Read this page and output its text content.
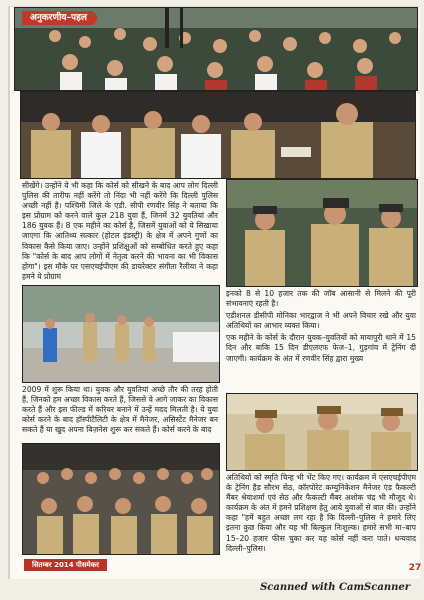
अनुकरणीय–पहल

सीखेंगे। उन्होंने ये भी कहा कि कोर्स को सीखने के बाद आप लोग दिल्ली पुलिस की तारीफ नहीं करेंगे तो निंदा भी नहीं करेंगे कि दिल्ली पुलिस अच्छी नहीं है। पश्चिमी जिले के एडी. सीपी रणवीर सिंह ने बताया कि इस प्रोग्राम को करने वाले कुल 218 युवा हैं, जिनमें 32 युवतियां और 186 युवक हैं। 8 एक महीने का कोर्स है, जिसमें युवाओं को ये सिखाया जाएगा कि आतिथ्य सत्कार (होटल इंडस्ट्री) के क्षेत्र में अपने गुणों का विकास कैसे किया जाए। उन्होंने प्रशिक्षुओं को सम्बोधित करते हुए कहा कि "कोर्स के बाद आप लोगों में नेतृत्व करने की भावना का भी विकास होगा"। इस मौके पर एसएचईपीएम की डायरेक्टर संगीता रैलीया ने कहा हमने ये प्रोग्राम

इनको 8 से 10 हजार तक की जॉब आसानी से मिलने की पूरी संभावनाएं रहती है।

एडीशनल डीसीपी मोनिका भारद्वाज ने भी अपने विचार रखे और युवा अतिथियों का आभार व्यक्त किया।

एक महीने के कोर्स के दौरान युवक–युवतियों को मायापुरी थाने में 15 दिन और बाकि 15 दिन डीएलएफ फेज–1, गुड़गांव में ट्रेनिंग दी जाएगी। कार्यक्रम के अंत में रणवीर सिंह द्वारा मुख्य

2009 में शुरू किया था। युवक और युवतियां अच्छे तौर की तरह होती हैं, जिनको हम अच्छा विकास करते हैं, जिससे वे आगे जाकर का विकास करते हैं और इस फील्ड में करियर बनाने में उन्हें मदद मिलती है। ये युवा कोर्स करने के बाद हॉस्पीटैलिटी के क्षेत्र में मैनेजर, असिस्टेंट मैनेजर बन सकते हैं या खुद अपना बिज़नेस शुरू कर सकते हैं। कोर्स करने के बाद

अतिथियों को स्मृति चिन्ह भी भेंट किए गए। कार्यक्रम में एसएचईपीएम के ट्रेनिंग हैड सौरभ सेठ, कॉरपोरेट कम्युनिकेशन मैनेजर एंड फैकल्टी मैंबर श्रेयाशर्मा एवं सेठ और फैकल्टी मैंबर अशोक चंद्र भी मौजूद थे। कार्यक्रम के अंत में हमने प्रशिक्षण हेतु आये युवाओं से बात की। उन्होंने कहा "हमें बहुत अच्छा लग रहा है कि दिल्ली–पुलिस ने हमारे लिए इतना कुछ किया और यह भी बिल्कुल निःशुल्क। हमारे सभी मा–बाप 15–20 हजार फीस चुका कर यह कोर्स नहीं करा पाते। धन्यवाद दिल्ली–पुलिस।

सितम्बर 2014 पीसमेकर	27
Scanned with CamScanner
